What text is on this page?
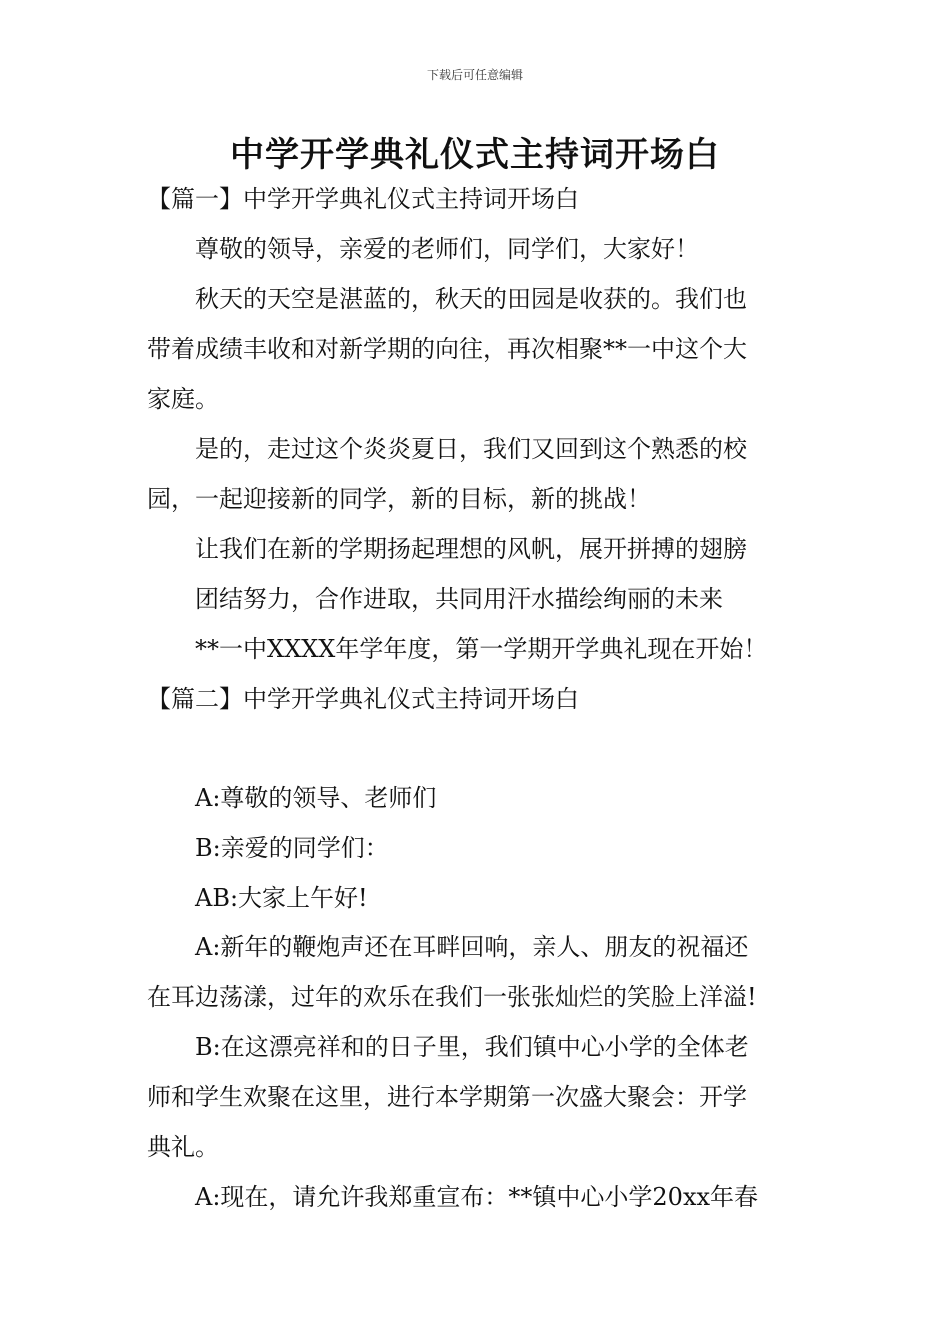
下载后可任意编辑
中学开学典礼仪式主持词开场白
【篇一】中学开学典礼仪式主持词开场白
尊敬的领导，亲爱的老师们，同学们，大家好！
秋天的天空是湛蓝的，秋天的田园是收获的。我们也
带着成绩丰收和对新学期的向往，再次相聚**一中这个大
家庭。
是的，走过这个炎炎夏日，我们又回到这个熟悉的校
园，一起迎接新的同学，新的目标，新的挑战！
让我们在新的学期扬起理想的风帆，展开拼搏的翅膀
团结努力，合作进取，共同用汗水描绘绚丽的未来
**一中XXXX年学年度，第一学期开学典礼现在开始！
【篇二】中学开学典礼仪式主持词开场白
A:尊敬的领导、老师们
B:亲爱的同学们：
AB:大家上午好!
A:新年的鞭炮声还在耳畔回响，亲人、朋友的祝福还
在耳边荡漾，过年的欢乐在我们一张张灿烂的笑脸上洋溢!
B:在这漂亮祥和的日子里，我们镇中心小学的全体老
师和学生欢聚在这里，进行本学期第一次盛大聚会：开学
典礼。
A:现在，请允许我郑重宣布：**镇中心小学20xx年春
